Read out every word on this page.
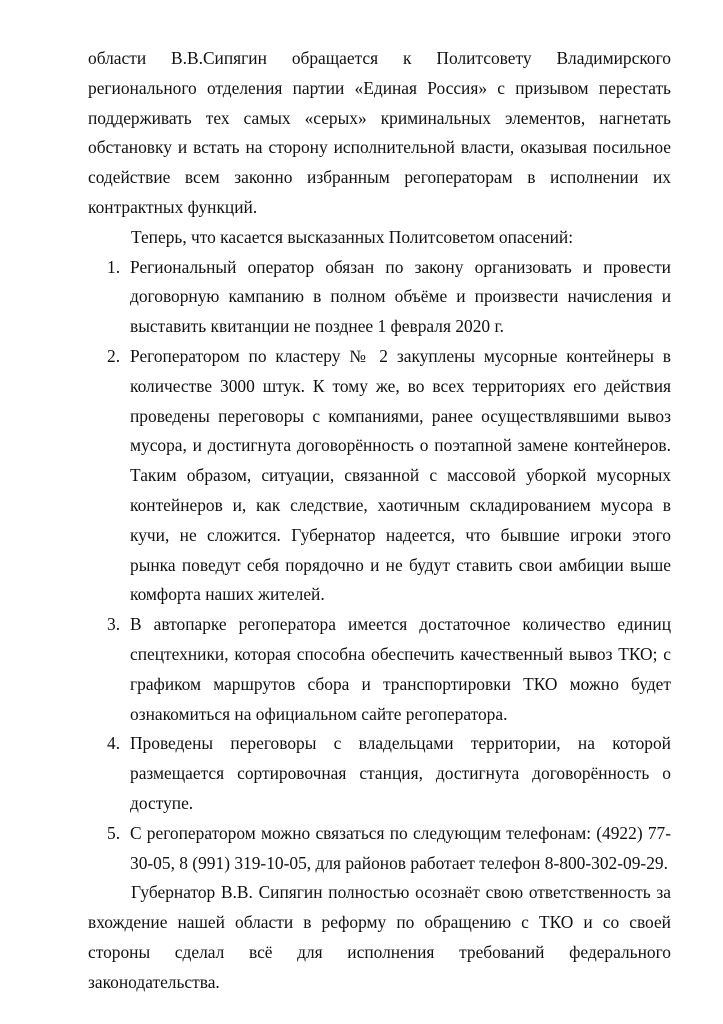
области В.В.Сипягин обращается к Политсовету Владимирского регионального отделения партии «Единая Россия» с призывом перестать поддерживать тех самых «серых» криминальных элементов, нагнетать обстановку и встать на сторону исполнительной власти, оказывая посильное содействие всем законно избранным регоператорам в исполнении их контрактных функций.

Теперь, что касается высказанных Политсоветом опасений:

1. Региональный оператор обязан по закону организовать и провести договорную кампанию в полном объёме и произвести начисления и выставить квитанции не позднее 1 февраля 2020 г.
2. Регоператором по кластеру № 2 закуплены мусорные контейнеры в количестве 3000 штук. К тому же, во всех территориях его действия проведены переговоры с компаниями, ранее осуществлявшими вывоз мусора, и достигнута договорённость о поэтапной замене контейнеров. Таким образом, ситуации, связанной с массовой уборкой мусорных контейнеров и, как следствие, хаотичным складированием мусора в кучи, не сложится. Губернатор надеется, что бывшие игроки этого рынка поведут себя порядочно и не будут ставить свои амбиции выше комфорта наших жителей.
3. В автопарке регоператора имеется достаточное количество единиц спецтехники, которая способна обеспечить качественный вывоз ТКО; с графиком маршрутов сбора и транспортировки ТКО можно будет ознакомиться на официальном сайте регоператора.
4. Проведены переговоры с владельцами территории, на которой размещается сортировочная станция, достигнута договорённость о доступе.
5. С регоператором можно связаться по следующим телефонам: (4922) 77-30-05, 8 (991) 319-10-05, для районов работает телефон 8-800-302-09-29.

Губернатор В.В. Сипягин полностью осознаёт свою ответственность за вхождение нашей области в реформу по обращению с ТКО и со своей стороны сделал всё для исполнения требований федерального законодательства.
